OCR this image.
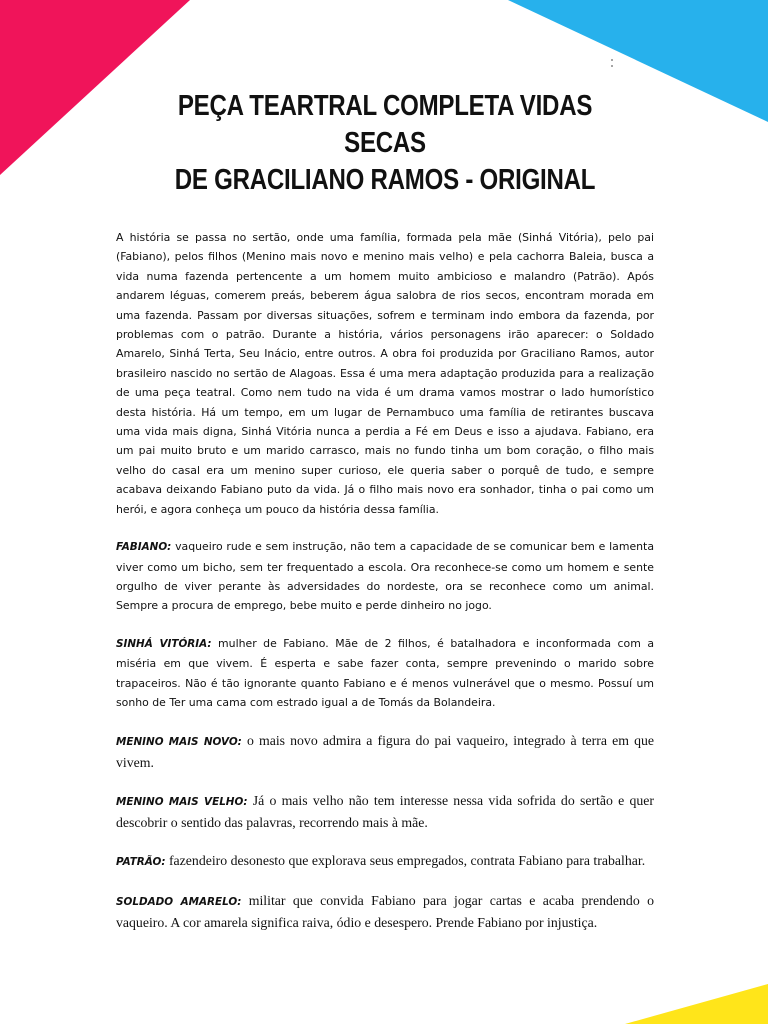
PEÇA TEARTRAL COMPLETA VIDAS SECAS
DE GRACILIANO RAMOS - ORIGINAL

A história se passa no sertão, onde uma família, formada pela mãe (Sinhá Vitória), pelo pai (Fabiano), pelos filhos (Menino mais novo e menino mais velho) e pela cachorra Baleia, busca a vida numa fazenda pertencente a um homem muito ambicioso e malandro (Patrão). Após andarem léguas, comerem preás, beberem água salobra de rios secos, encontram morada em uma fazenda. Passam por diversas situações, sofrem e terminam indo embora da fazenda, por problemas com o patrão. Durante a história, vários personagens irão aparecer: o Soldado Amarelo, Sinhá Terta, Seu Inácio, entre outros. A obra foi produzida por Graciliano Ramos, autor brasileiro nascido no sertão de Alagoas. Essa é uma mera adaptação produzida para a realização de uma peça teatral. Como nem tudo na vida é um drama vamos mostrar o lado humorístico desta história. Há um tempo, em um lugar de Pernambuco uma família de retirantes buscava uma vida mais digna, Sinhá Vitória nunca a perdia a Fé em Deus e isso a ajudava. Fabiano, era um pai muito bruto e um marido carrasco, mais no fundo tinha um bom coração, o filho mais velho do casal era um menino super curioso, ele queria saber o porquê de tudo, e sempre acabava deixando Fabiano puto da vida. Já o filho mais novo era sonhador, tinha o pai como um herói, e agora conheça um pouco da história dessa família.

FABIANO: vaqueiro rude e sem instrução, não tem a capacidade de se comunicar bem e lamenta viver como um bicho, sem ter frequentado a escola. Ora reconhece-se como um homem e sente orgulho de viver perante às adversidades do nordeste, ora se reconhece como um animal. Sempre a procura de emprego, bebe muito e perde dinheiro no jogo.

SINHÁ VITÓRIA: mulher de Fabiano. Mãe de 2 filhos, é batalhadora e inconformada com a miséria em que vivem. É esperta e sabe fazer conta, sempre prevenindo o marido sobre trapaceiros. Não é tão ignorante quanto Fabiano e é menos vulnerável que o mesmo. Possuí um sonho de Ter uma cama com estrado igual a de Tomás da Bolandeira.

MENINO MAIS NOVO: o mais novo admira a figura do pai vaqueiro, integrado à terra em que vivem.

MENINO MAIS VELHO: Já o mais velho não tem interesse nessa vida sofrida do sertão e quer descobrir o sentido das palavras, recorrendo mais à mãe.

PATRÃO: fazendeiro desonesto que explorava seus empregados, contrata Fabiano para trabalhar.

SOLDADO AMARELO: militar que convida Fabiano para jogar cartas e acaba prendendo o vaqueiro. A cor amarela significa raiva, ódio e desespero. Prende Fabiano por injustiça.
